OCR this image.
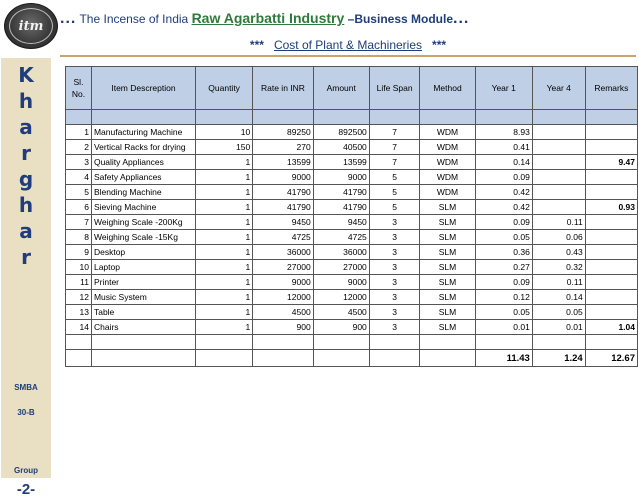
itm ... The Incense of India Raw Agarbatti Industry –Business Module...
*** Cost of Plant & Machineries ***
K
h
a
r
g
h
a
r
SMBA
30-B
Group
-2-
Sl.
No.	Item Descreption	Quantity	Rate in INR	Amount	Life Span	Method	Year 1	Year 4	Remarks

1	Manufacturing Machine	10	89250	892500	7	WDM	8.93		
2	Vertical Racks for drying	150	270	40500	7	WDM	0.41		
3	Quality Appliances	1	13599	13599	7	WDM	0.14		9.47
4	Safety Appliances	1	9000	9000	5	WDM	0.09		
5	Blending Machine	1	41790	41790	5	WDM	0.42		
6	Sieving Machine	1	41790	41790	5	SLM	0.42		0.93
7	Weighing Scale -200Kg	1	9450	9450	3	SLM	0.09	0.11	
8	Weighing Scale -15Kg	1	4725	4725	3	SLM	0.05	0.06	
9	Desktop	1	36000	36000	3	SLM	0.36	0.43	
10	Laptop	1	27000	27000	3	SLM	0.27	0.32	
11	Printer	1	9000	9000	3	SLM	0.09	0.11	
12	Music System	1	12000	12000	3	SLM	0.12	0.14	
13	Table	1	4500	4500	3	SLM	0.05	0.05	
14	Chairs	1	900	900	3	SLM	0.01	0.01	1.04

							11.43	1.24	12.67
